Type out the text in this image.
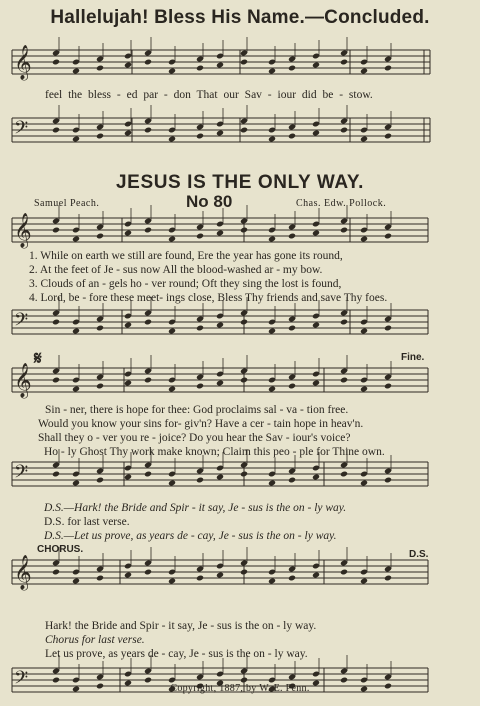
𝄞
𝄢
𝄞
𝄢
𝄞
𝄢
𝄞
𝄢
Hallelujah! Bless His Name.—Concluded.
feel the bless - ed par - don That our Sav - iour did be - stow.
JESUS IS THE ONLY WAY.
Samuel Peach.	No 80	Chas. Edw. Pollock.
1. While on earth we still are found, Ere the year has gone its round,
2. At the feet of Je - sus now All the blood-washed ar - my bow.
3. Clouds of an - gels ho - ver round; Oft they sing the lost is found,
4. Lord, be - fore these meet- ings close, Bless Thy friends and save Thy foes.
𝄋	Fine.
Sin - ner, there is hope for thee: God proclaims sal - va - tion free.
Would you know your sins for- giv'n? Have a cer - tain hope in heav'n.
Shall they o - ver you re - joice? Do you hear the Sav - iour's voice?
Ho - ly Ghost Thy work make known; Claim this peo - ple for Thine own.
D.S.—Hark! the Bride and Spir - it say, Je - sus is the on - ly way.
D.S. for last verse.
D.S.—Let us prove, as years de - cay, Je - sus is the on - ly way.
CHORUS.	D.S.
Hark! the Bride and Spir - it say, Je - sus is the on - ly way.
Chorus for last verse.
Let us prove, as years de - cay, Je - sus is the on - ly way.
Copyright, 1887, by W. E. Penn.
